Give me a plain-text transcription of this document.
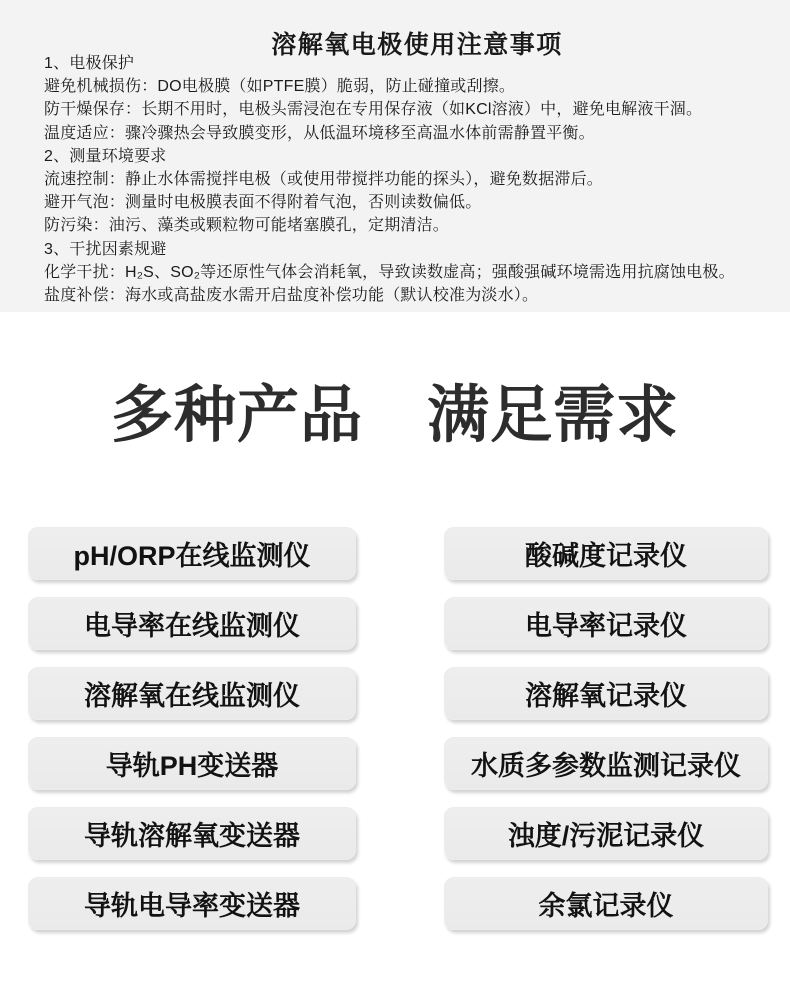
溶解氧电极使用注意事项
1、电极保护
避免机械损伤：DO电极膜（如PTFE膜）脆弱，防止碰撞或刮擦。
防干燥保存：长期不用时，电极头需浸泡在专用保存液（如KCl溶液）中，避免电解液干涸。
温度适应：骤冷骤热会导致膜变形，从低温环境移至高温水体前需静置平衡。
2、测量环境要求
流速控制：静止水体需搅拌电极（或使用带搅拌功能的探头），避免数据滞后。
避开气泡：测量时电极膜表面不得附着气泡，否则读数偏低。
防污染：油污、藻类或颗粒物可能堵塞膜孔，定期清洁。
3、干扰因素规避
化学干扰：H₂S、SO₂等还原性气体会消耗氧，导致读数虚高；强酸强碱环境需选用抗腐蚀电极。
盐度补偿：海水或高盐废水需开启盐度补偿功能（默认校准为淡水）。
多种产品 满足需求
pH/ORP在线监测仪
电导率在线监测仪
溶解氧在线监测仪
导轨PH变送器
导轨溶解氧变送器
导轨电导率变送器
酸碱度记录仪
电导率记录仪
溶解氧记录仪
水质多参数监测记录仪
浊度/污泥记录仪
余氯记录仪
